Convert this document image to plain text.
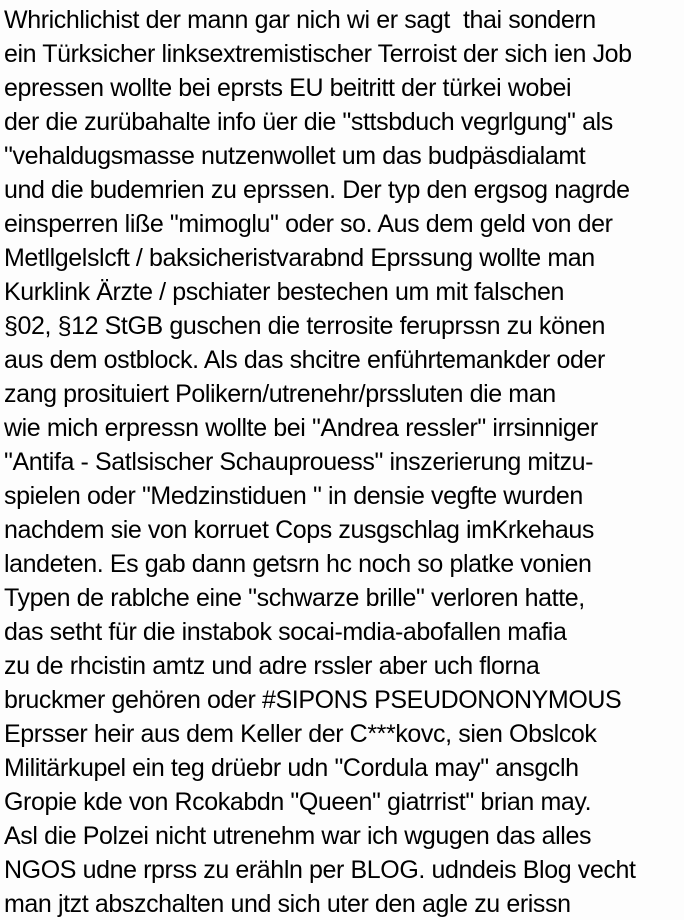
Whrichlichist der mann gar nich wi er sagt  thai sondern
ein Türksicher linksextremistischer Terroist der sich ien Job
epressen wollte bei eprsts EU beitritt der türkei wobei
der die zurübahalte info üer die "sttsbduch vegrlgung" als
"vehaldugsmasse nutzenwollet um das budpäsdialamt
und die budemrien zu eprssen. Der typ den ergsog nagrde
einsperren liße "mimoglu" oder so. Aus dem geld von der
Metllgelslcft / baksicheristvarabnd Eprssung wollte man
Kurklink Ärzte / pschiater bestechen um mit falschen
§02, §12 StGB guschen die terrosite feruprssn zu könen
aus dem ostblock. Als das shcitre enführtemankder oder
zang prosituiert Polikern/utrenehr/prssluten die man
wie mich erpressn wollte bei "Andrea ressler" irrsinniger
"Antifa - Satlsischer Schauprouess" inszerierung mitzu-
spielen oder "Medzinstiduen " in densie vegfte wurden
nachdem sie von korruet Cops zusgschlag imKrkehaus
landeten. Es gab dann getsrn hc noch so platke vonien
Typen de rablche eine "schwarze brille" verloren hatte,
das setht für die instabok socai-mdia-abofallen mafia
zu de rhcistin amtz und adre rssler aber uch florna
bruckmer gehören oder #SIPONS PSEUDONONYMOUS
Eprsser heir aus dem Keller der C***kovc, sien Obslcok
Militärkupel ein teg drüebr udn "Cordula may" ansgclh
Gropie kde von Rcokabdn "Queen" giatrrist" brian may.
Asl die Polzei nicht utrenehm war ich wgugen das alles
NGOS udne rprss zu erähln per BLOG. udndeis Blog vecht
man jtzt abszchalten und sich uter den agle zu erissn
